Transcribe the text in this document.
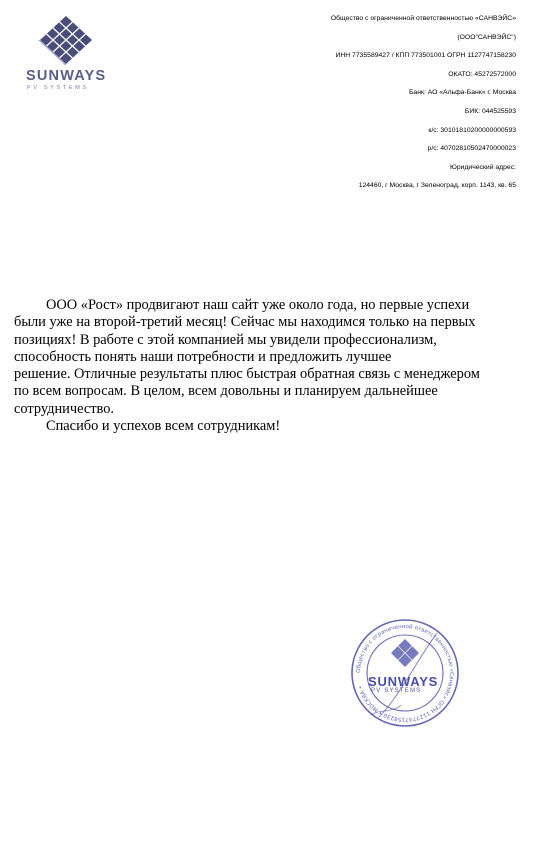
SUNWAYS
PV SYSTEMS
Общество с ограниченной ответственностью «САНВЭЙС»
(ООО"САНВЭЙС")
ИНН 7735589427 / КПП 773501001 ОГРН 1127747158230
ОКАТО: 45272572000
Банк: АО «Альфа-Банк» г. Москва
БИК: 044525593
к/с: 30101810200000000593
р/с: 40702810502470000023
Юридический адрес:
124460, г Москва, г Зеленоград, корп. 1143, кв. 65

ООО «Рост» продвигают наш сайт уже около года, но первые успехи

были уже на второй-третий месяц! Сейчас мы находимся только на первых

позициях! В работе с этой компанией мы увидели профессионализм,

способность понять наши потребности и предложить лучшее

решение. Отличные результаты плюс быстрая обратная связь с менеджером

по всем вопросам. В целом, всем довольны и планируем дальнейшее

сотрудничество.

Спасибо и успехов всем сотрудникам!

Общество с ограниченной ответственностью «Санвэйс» ОГРН 1127747158230 • МОСКВА • SUNWAYS
PV SYSTEMS
